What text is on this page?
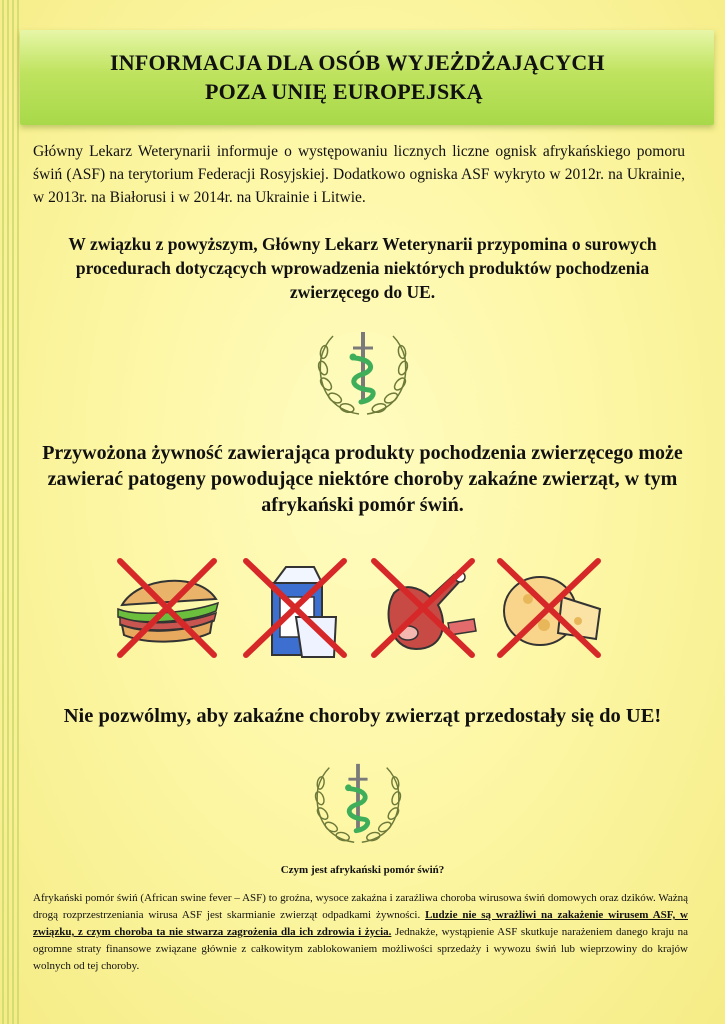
INFORMACJA DLA OSÓB WYJEŻDŻAJĄCYCH
POZA UNIĘ EUROPEJSKĄ
Główny Lekarz Weterynarii informuje o występowaniu licznych liczne ognisk afrykańskiego pomoru świń (ASF) na terytorium Federacji Rosyjskiej. Dodatkowo ogniska ASF wykryto w 2012r. na Ukrainie, w 2013r. na Białorusi i w 2014r. na Ukrainie i Litwie.
W związku z powyższym, Główny Lekarz Weterynarii przypomina o surowych procedurach dotyczących wprowadzenia niektórych produktów pochodzenia zwierzęcego do UE.
Przywożona żywność zawierająca produkty pochodzenia zwierzęcego może zawierać patogeny powodujące niektóre choroby zakaźne zwierząt, w tym afrykański pomór świń.
Nie pozwólmy, aby zakaźne choroby zwierząt przedostały się do UE!
Czym jest afrykański pomór świń?
Afrykański pomór świń (African swine fever – ASF) to groźna, wysoce zakaźna i zaraźliwa choroba wirusowa świń domowych oraz dzików. Ważną drogą rozprzestrzeniania wirusa ASF jest skarmianie zwierząt odpadkami żywności. Ludzie nie są wrażliwi na zakażenie wirusem ASF, w związku, z czym choroba ta nie stwarza zagrożenia dla ich zdrowia i życia. Jednakże, wystąpienie ASF skutkuje narażeniem danego kraju na ogromne straty finansowe związane głównie z całkowitym zablokowaniem możliwości sprzedaży i wywozu świń lub wieprzowiny do krajów wolnych od tej choroby.
